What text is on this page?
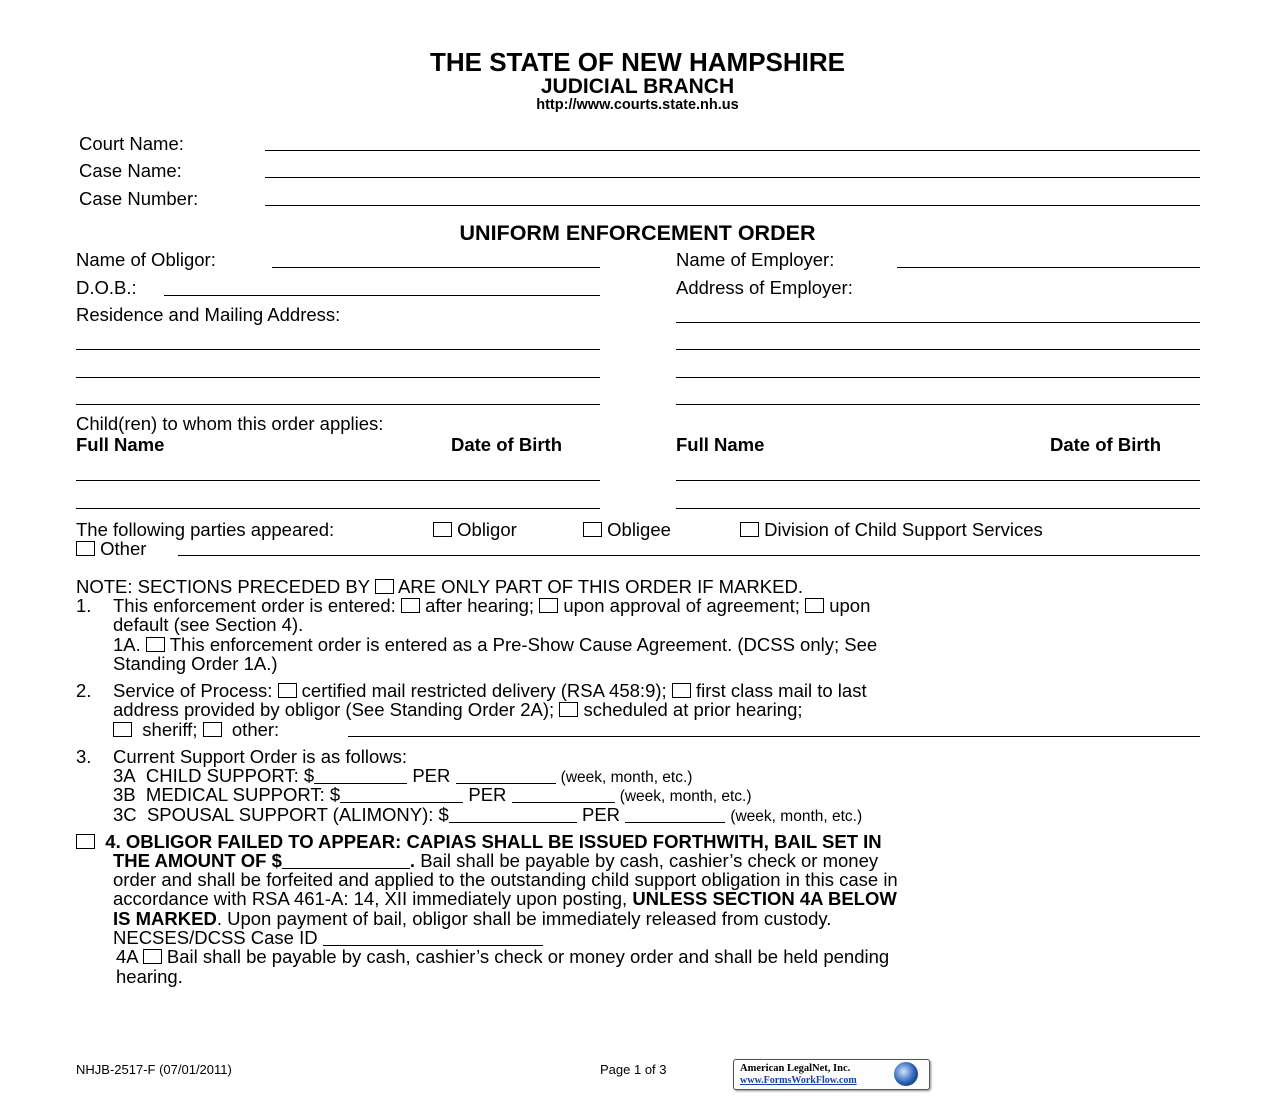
THE STATE OF NEW HAMPSHIRE
JUDICIAL BRANCH
http://www.courts.state.nh.us
Court Name:
Case Name:
Case Number:
UNIFORM ENFORCEMENT ORDER
Name of Obligor:
D.O.B.:
Residence and Mailing Address:
Name of Employer:
Address of Employer:
Child(ren) to whom this order applies:
Full Name	Date of Birth	Full Name	Date of Birth
The following parties appeared:	Obligor	Obligee	Division of Child Support Services
Other
NOTE: SECTIONS PRECEDED BY ARE ONLY PART OF THIS ORDER IF MARKED.
1. This enforcement order is entered: after hearing; upon approval of agreement; upon
default (see Section 4).
1A. This enforcement order is entered as a Pre-Show Cause Agreement. (DCSS only; See
Standing Order 1A.)
2. Service of Process: certified mail restricted delivery (RSA 458:9); first class mail to last
address provided by obligor (See Standing Order 2A); scheduled at prior hearing;
sheriff; other:
3. Current Support Order is as follows:
3A CHILD SUPPORT: $	PER	(week, month, etc.)
3B MEDICAL SUPPORT: $	PER	(week, month, etc.)
3C SPOUSAL SUPPORT (ALIMONY): $	PER	(week, month, etc.)
4. OBLIGOR FAILED TO APPEAR: CAPIAS SHALL BE ISSUED FORTHWITH, BAIL SET IN
THE AMOUNT OF $	. Bail shall be payable by cash, cashier’s check or money
order and shall be forfeited and applied to the outstanding child support obligation in this case in
accordance with RSA 461-A: 14, XII immediately upon posting, UNLESS SECTION 4A BELOW
IS MARKED. Upon payment of bail, obligor shall be immediately released from custody.
NECSES/DCSS Case ID
4A Bail shall be payable by cash, cashier’s check or money order and shall be held pending
hearing.
NHJB-2517-F (07/01/2011)	Page 1 of 3	American LegalNet, Inc.
www.FormsWorkFlow.com
